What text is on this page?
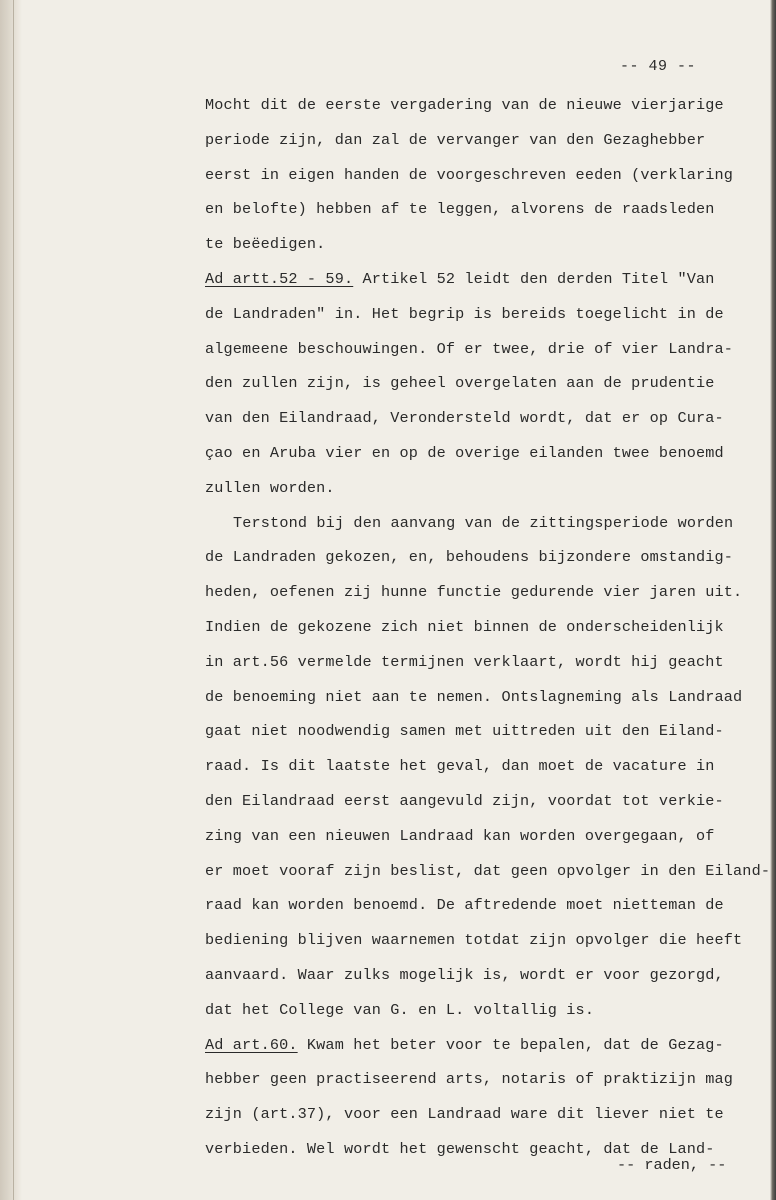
-- 49 --
Mocht dit de eerste vergadering van de nieuwe vierjarige
periode zijn, dan zal de vervanger van den Gezaghebber
eerst in eigen handen de voorgeschreven eeden (verklaring
en belofte) hebben af te leggen, alvorens de raadsleden
te beëedigen.
Ad artt.52 - 59. Artikel 52 leidt den derden Titel "Van
de Landraden" in. Het begrip is bereids toegelicht in de
algemeene beschouwingen. Of er twee, drie of vier Landra-
den zullen zijn, is geheel overgelaten aan de prudentie
van den Eilandraad, Verondersteld wordt, dat er op Cura-
çao en Aruba vier en op de overige eilanden twee benoemd
zullen worden.
Terstond bij den aanvang van de zittingsperiode worden
de Landraden gekozen, en, behoudens bijzondere omstandig-
heden, oefenen zij hunne functie gedurende vier jaren uit.
Indien de gekozene zich niet binnen de onderscheidenlijk
in art.56 vermelde termijnen verklaart, wordt hij geacht
de benoeming niet aan te nemen. Ontslagneming als Landraad
gaat niet noodwendig samen met uittreden uit den Eiland-
raad. Is dit laatste het geval, dan moet de vacature in
den Eilandraad eerst aangevuld zijn, voordat tot verkie-
zing van een nieuwen Landraad kan worden overgegaan, of
er moet vooraf zijn beslist, dat geen opvolger in den Eiland-
raad kan worden benoemd. De aftredende moet nietteman de
bediening blijven waarnemen totdat zijn opvolger die heeft
aanvaard. Waar zulks mogelijk is, wordt er voor gezorgd,
dat het College van G. en L. voltallig is.
Ad art.60. Kwam het beter voor te bepalen, dat de Gezag-
hebber geen practiseerend arts, notaris of praktizijn mag
zijn (art.37), voor een Landraad ware dit liever niet te
verbieden. Wel wordt het gewenscht geacht, dat de Land-
-- raden, --
